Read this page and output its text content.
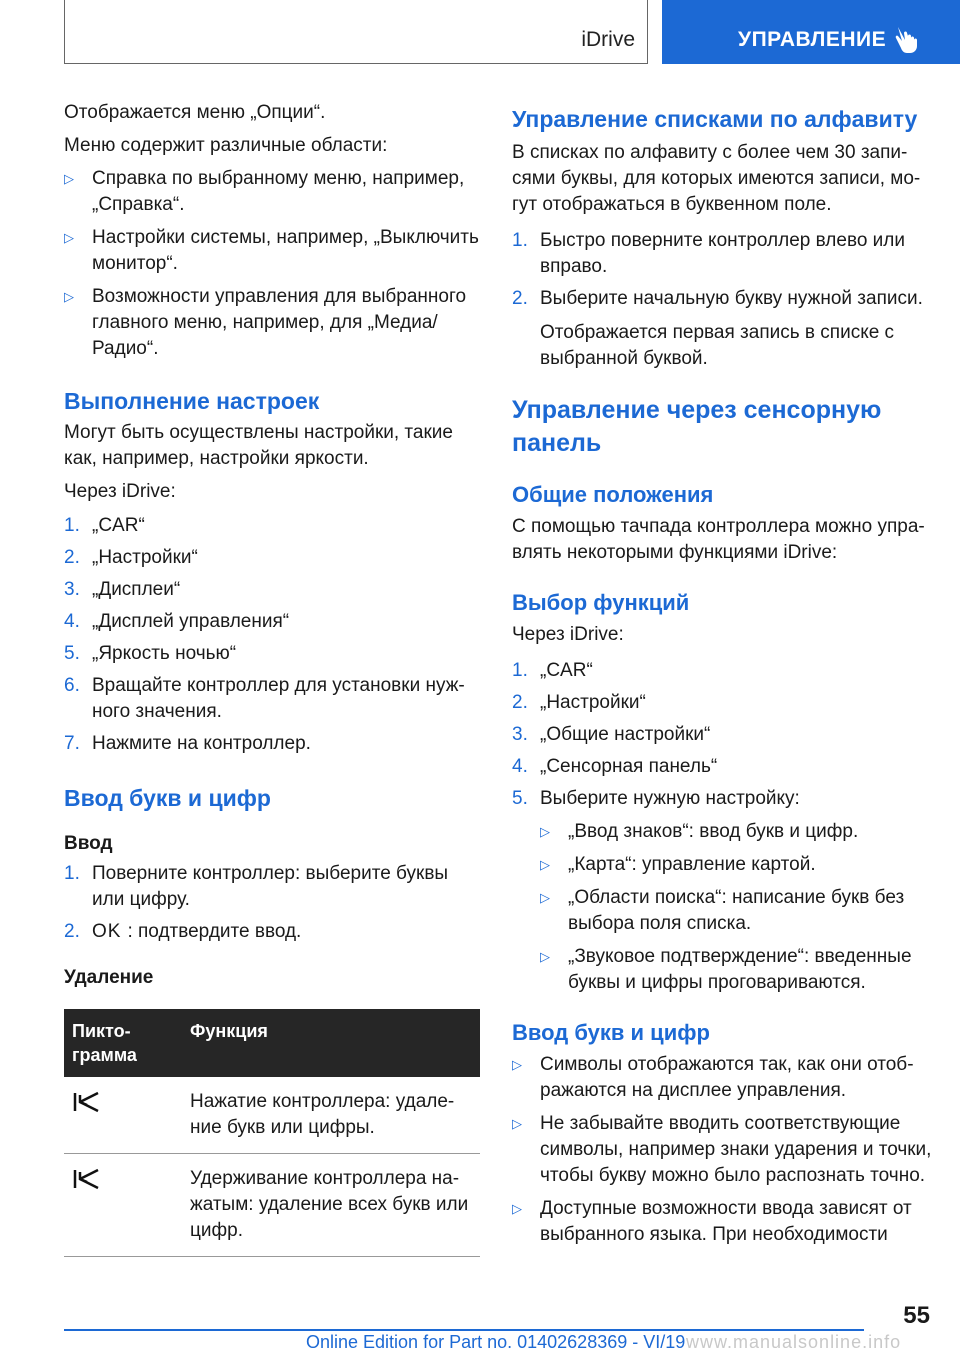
iDrive	УПРАВЛЕНИЕ

Отображается меню „Опции“.

Меню содержит различные области:

▷ Справка по выбранному меню, например, „Справка“.
▷ Настройки системы, например, „Выключить монитор“.
▷ Возможности управления для выбранного главного меню, например, для „Медиа/ Радио“.
Выполнение настроек

Могут быть осуществлены настройки, такие как, например, настройки яркости.

Через iDrive:

1. „CAR“
2. „Настройки“
3. „Дисплеи“
4. „Дисплей управления“
5. „Яркость ночью“
6. Вращайте контроллер для установки нужного значения.
7. Нажмите на контроллер.
Ввод букв и цифр
Ввод
1. Поверните контроллер: выберите буквы или цифру.
2. OK : подтвердите ввод.
Удаление
Пиктограмма	Функция

	Нажатие контроллера: удаление букв или цифры.

	Удерживание контроллера нажатым: удаление всех букв или цифр.
Управление списками по алфавиту

В списках по алфавиту с более чем 30 записями буквы, для которых имеются записи, могут отображаться в буквенном поле.

1. Быстро поверните контроллер влево или вправо.
2. Выберите начальную букву нужной записи.

Отображается первая запись в списке с выбранной буквой.

Управление через сенсорную панель
Общие положения

С помощью тачпада контроллера можно управлять некоторыми функциями iDrive:

Выбор функций

Через iDrive:

1. „CAR“
2. „Настройки“
3. „Общие настройки“
4. „Сенсорная панель“
5. Выберите нужную настройку:
▷ „Ввод знаков“: ввод букв и цифр.
▷ „Карта“: управление картой.
▷ „Области поиска“: написание букв без выбора поля списка.
▷ „Звуковое подтверждение“: введенные буквы и цифры проговариваются.
Ввод букв и цифр
▷ Символы отображаются так, как они отображаются на дисплее управления.
▷ Не забывайте вводить соответствующие символы, например знаки ударения и точки, чтобы букву можно было распознать точно.
▷ Доступные возможности ввода зависят от выбранного языка. При необходимости
55
Online Edition for Part no. 01402628369 - VI/19 www.manualsonline.info
